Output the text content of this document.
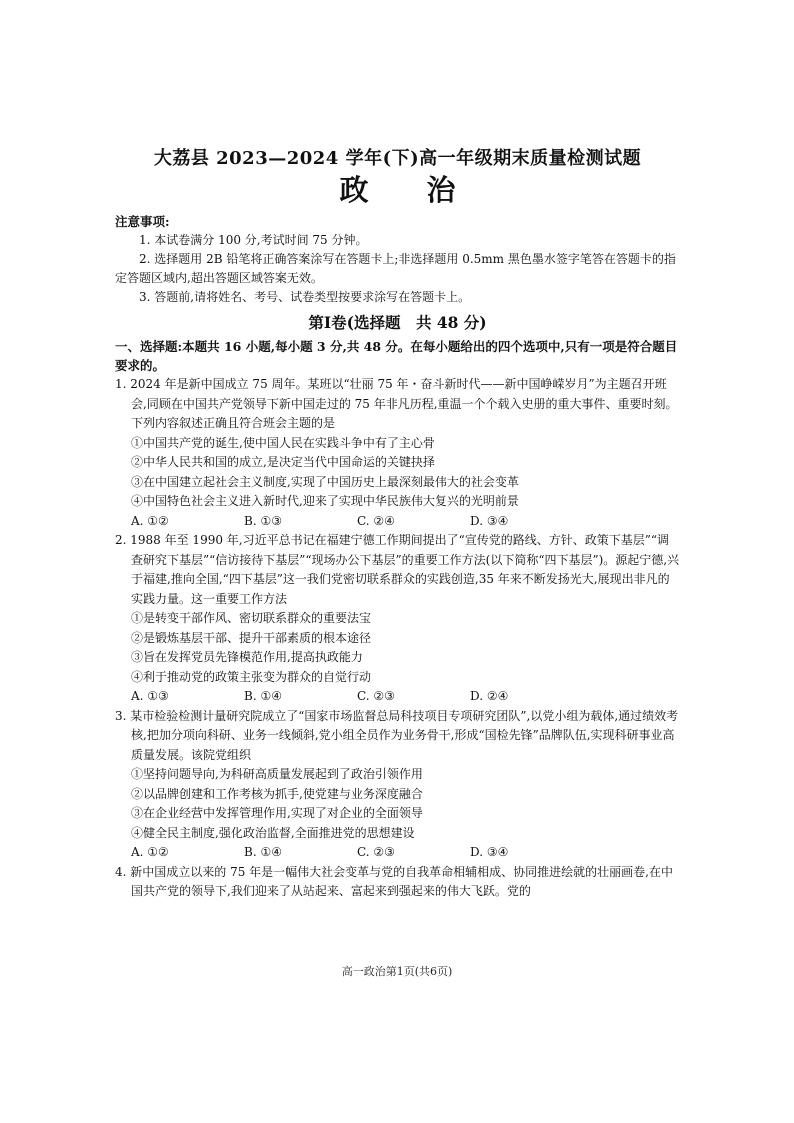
大荔县 2023—2024 学年(下)高一年级期末质量检测试题
政 治

注意事项:

1. 本试卷满分 100 分,考试时间 75 分钟。

2. 选择题用 2B 铅笔将正确答案涂写在答题卡上;非选择题用 0.5mm 黑色墨水签字笔答在答题卡的指定答题区域内,超出答题区域答案无效。

3. 答题前,请将姓名、考号、试卷类型按要求涂写在答题卡上。

第Ⅰ卷(选择题　共 48 分)

一、选择题:本题共 16 小题,每小题 3 分,共 48 分。在每小题给出的四个选项中,只有一项是符合题目要求的。

1. 2024 年是新中国成立 75 周年。某班以“壮丽 75 年・奋斗新时代——新中国峥嵘岁月”为主题召开班会,同顾在中国共产党领导下新中国走过的 75 年非凡历程,重温一个个载入史册的重大事件、重要时刻。下列内容叙述正确且符合班会主题的是

①中国共产党的诞生,使中国人民在实践斗争中有了主心骨

②中华人民共和国的成立,是决定当代中国命运的关键抉择

③在中国建立起社会主义制度,实现了中国历史上最深刻最伟大的社会变革

④中国特色社会主义进入新时代,迎来了实现中华民族伟大复兴的光明前景

A. ①②	B. ①③	C. ②④	D. ③④

2. 1988 年至 1990 年,习近平总书记在福建宁德工作期间提出了“宣传党的路线、方针、政策下基层”“调查研究下基层”“信访接待下基层”“现场办公下基层”的重要工作方法(以下简称“四下基层”)。源起宁德,兴于福建,推向全国,“四下基层”这一我们党密切联系群众的实践创造,35 年来不断发扬光大,展现出非凡的实践力量。这一重要工作方法

①是转变干部作风、密切联系群众的重要法宝

②是锻炼基层干部、提升干部素质的根本途径

③旨在发挥党员先锋模范作用,提高执政能力

④利于推动党的政策主张变为群众的自觉行动

A. ①③	B. ①④	C. ②③	D. ②④

3. 某市检验检测计量研究院成立了“国家市场监督总局科技项目专项研究团队”,以党小组为载体,通过绩效考核,把加分项向科研、业务一线倾斜,党小组全员作为业务骨干,形成“国检先锋”品牌队伍,实现科研事业高质量发展。该院党组织

①坚持问题导向,为科研高质量发展起到了政治引领作用

②以品牌创建和工作考核为抓手,使党建与业务深度融合

③在企业经营中发挥管理作用,实现了对企业的全面领导

④健全民主制度,强化政治监督,全面推进党的思想建设

A. ①②	B. ①④	C. ②③	D. ③④

4. 新中国成立以来的 75 年是一幅伟大社会变革与党的自我革命相辅相成、协同推进绘就的壮丽画卷,在中国共产党的领导下,我们迎来了从站起来、富起来到强起来的伟大飞跃。党的

高一政治第1页(共6页)
